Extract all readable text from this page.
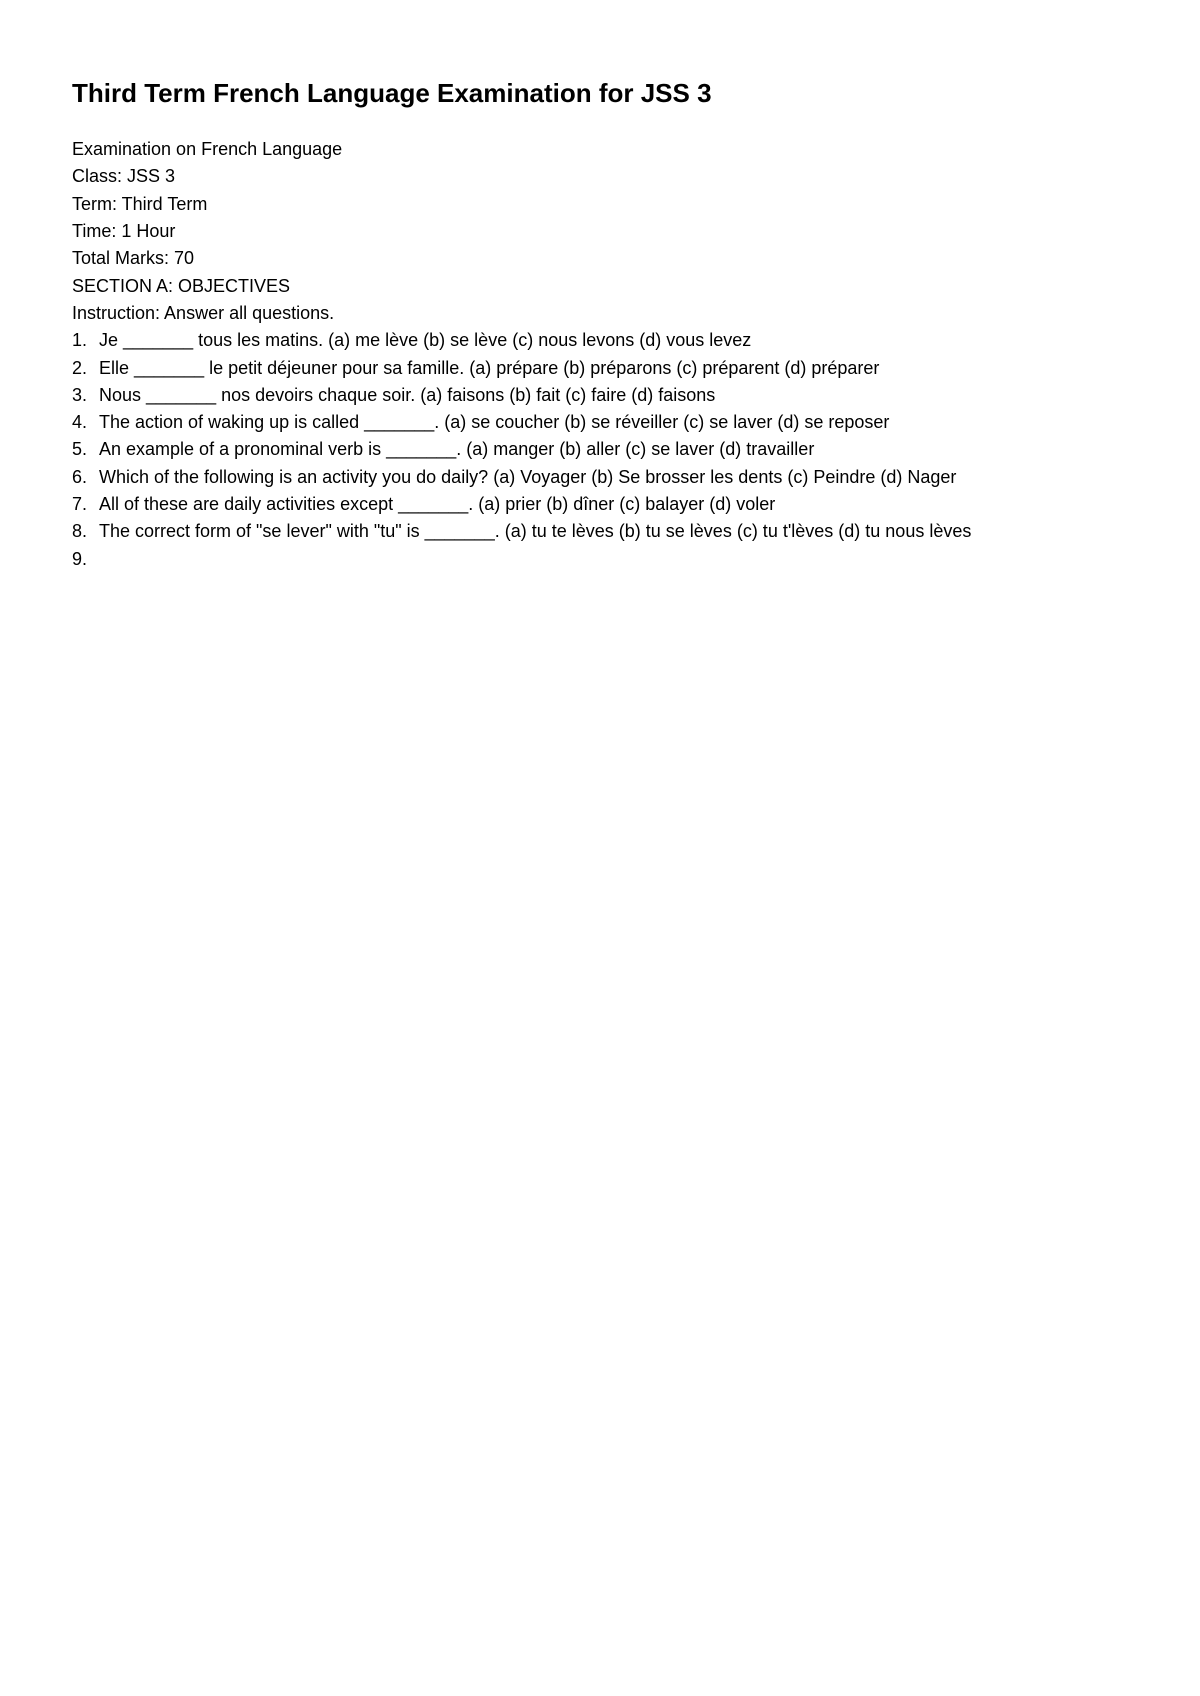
Third Term French Language Examination for JSS 3
Examination on French Language
Class: JSS 3
Term: Third Term
Time: 1 Hour
Total Marks: 70
SECTION A: OBJECTIVES
Instruction: Answer all questions.
1. Je _______ tous les matins. (a) me lève (b) se lève (c) nous levons (d) vous levez
2. Elle _______ le petit déjeuner pour sa famille. (a) prépare (b) préparons (c) préparent (d) préparer
3. Nous _______ nos devoirs chaque soir. (a) faisons (b) fait (c) faire (d) faisons
4. The action of waking up is called _______. (a) se coucher (b) se réveiller (c) se laver (d) se reposer
5. An example of a pronominal verb is _______. (a) manger (b) aller (c) se laver (d) travailler
6. Which of the following is an activity you do daily? (a) Voyager (b) Se brosser les dents (c) Peindre (d) Nager
7. All of these are daily activities except _______. (a) prier (b) dîner (c) balayer (d) voler
8. The correct form of "se lever" with "tu" is _______. (a) tu te lèves (b) tu se lèves (c) tu t'lèves (d) tu nous lèves
9.
